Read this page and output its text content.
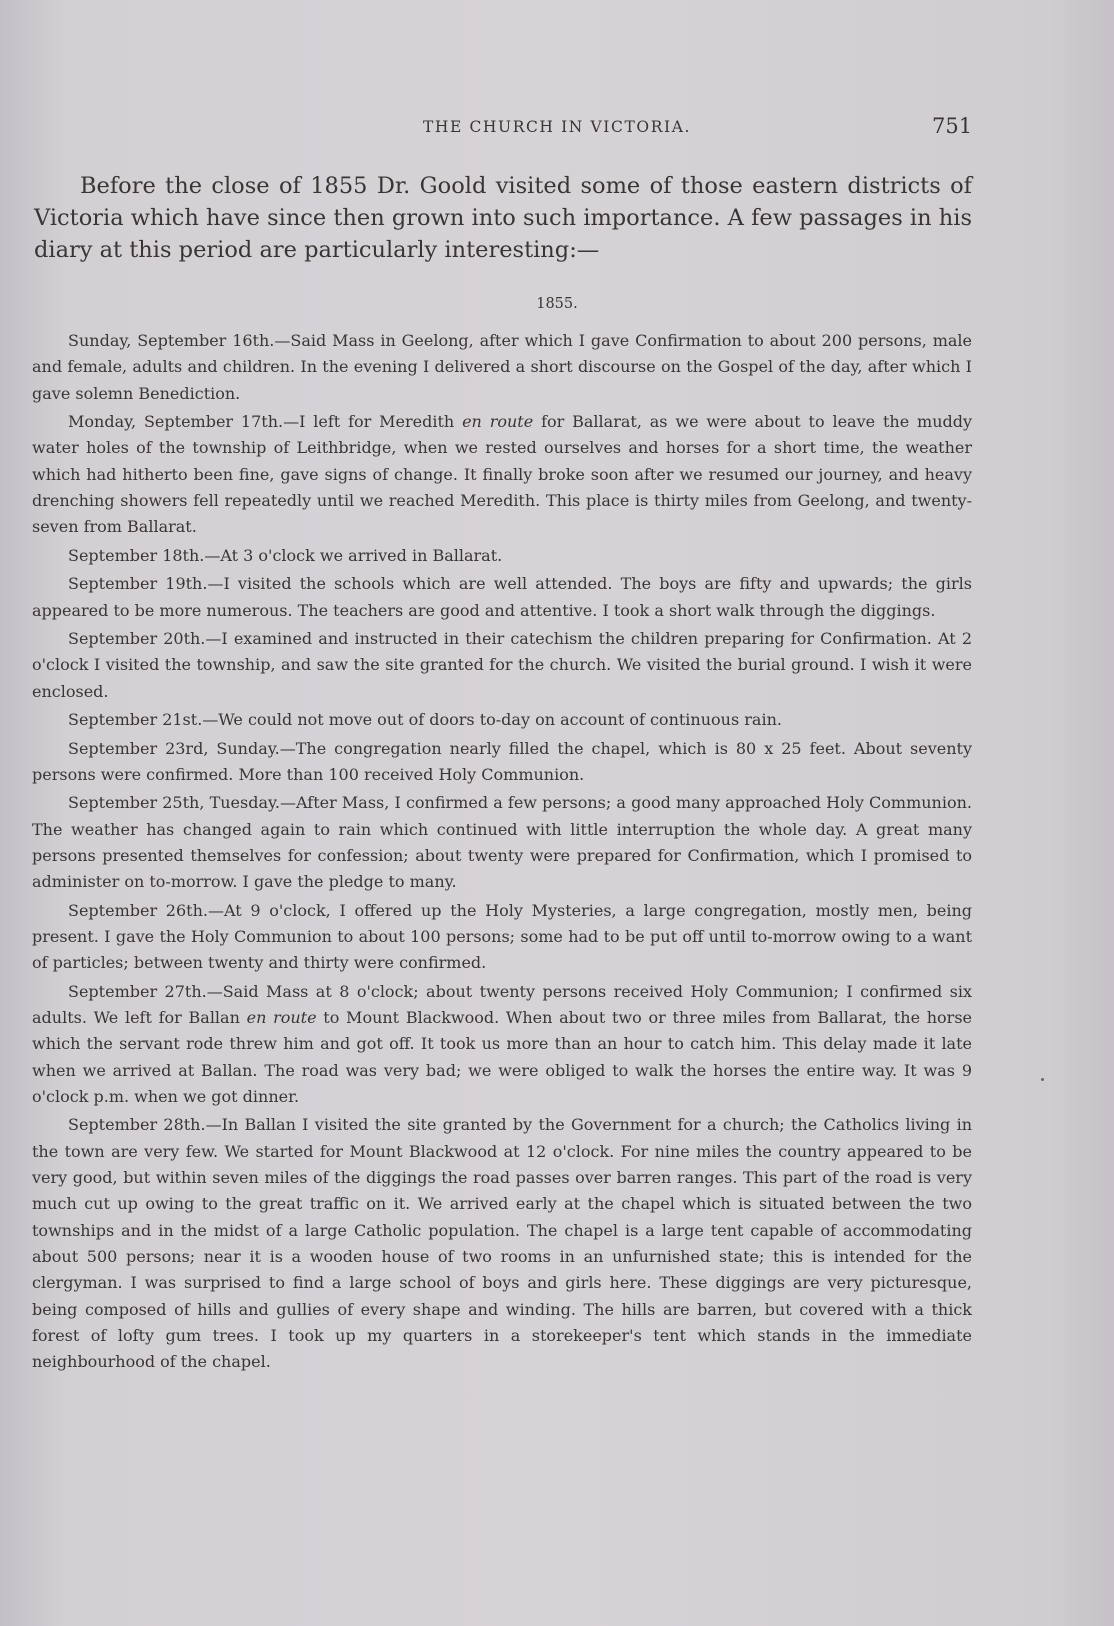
THE CHURCH IN VICTORIA.	751

Before the close of 1855 Dr. Goold visited some of those eastern districts of Victoria which have since then grown into such importance. A few passages in his diary at this period are particularly interesting:—

1855.

Sunday, September 16th.—Said Mass in Geelong, after which I gave Confirmation to about 200 persons, male and female, adults and children. In the evening I delivered a short discourse on the Gospel of the day, after which I gave solemn Benediction.

Monday, September 17th.—I left for Meredith en route for Ballarat, as we were about to leave the muddy water holes of the township of Leithbridge, when we rested ourselves and horses for a short time, the weather which had hitherto been fine, gave signs of change. It finally broke soon after we resumed our journey, and heavy drenching showers fell repeatedly until we reached Meredith. This place is thirty miles from Geelong, and twenty-seven from Ballarat.

September 18th.—At 3 o'clock we arrived in Ballarat.

September 19th.—I visited the schools which are well attended. The boys are fifty and upwards; the girls appeared to be more numerous. The teachers are good and attentive. I took a short walk through the diggings.

September 20th.—I examined and instructed in their catechism the children preparing for Confirmation. At 2 o'clock I visited the township, and saw the site granted for the church. We visited the burial ground. I wish it were enclosed.

September 21st.—We could not move out of doors to-day on account of continuous rain.

September 23rd, Sunday.—The congregation nearly filled the chapel, which is 80 x 25 feet. About seventy persons were confirmed. More than 100 received Holy Communion.

September 25th, Tuesday.—After Mass, I confirmed a few persons; a good many approached Holy Communion. The weather has changed again to rain which continued with little interruption the whole day. A great many persons presented themselves for confession; about twenty were prepared for Confirmation, which I promised to administer on to-morrow. I gave the pledge to many.

September 26th.—At 9 o'clock, I offered up the Holy Mysteries, a large congregation, mostly men, being present. I gave the Holy Communion to about 100 persons; some had to be put off until to-morrow owing to a want of particles; between twenty and thirty were confirmed.

September 27th.—Said Mass at 8 o'clock; about twenty persons received Holy Communion; I confirmed six adults. We left for Ballan en route to Mount Blackwood. When about two or three miles from Ballarat, the horse which the servant rode threw him and got off. It took us more than an hour to catch him. This delay made it late when we arrived at Ballan. The road was very bad; we were obliged to walk the horses the entire way. It was 9 o'clock p.m. when we got dinner.

September 28th.—In Ballan I visited the site granted by the Government for a church; the Catholics living in the town are very few. We started for Mount Blackwood at 12 o'clock. For nine miles the country appeared to be very good, but within seven miles of the diggings the road passes over barren ranges. This part of the road is very much cut up owing to the great traffic on it. We arrived early at the chapel which is situated between the two townships and in the midst of a large Catholic population. The chapel is a large tent capable of accommodating about 500 persons; near it is a wooden house of two rooms in an unfurnished state; this is intended for the clergyman. I was surprised to find a large school of boys and girls here. These diggings are very picturesque, being composed of hills and gullies of every shape and winding. The hills are barren, but covered with a thick forest of lofty gum trees. I took up my quarters in a storekeeper's tent which stands in the immediate neighbourhood of the chapel.
